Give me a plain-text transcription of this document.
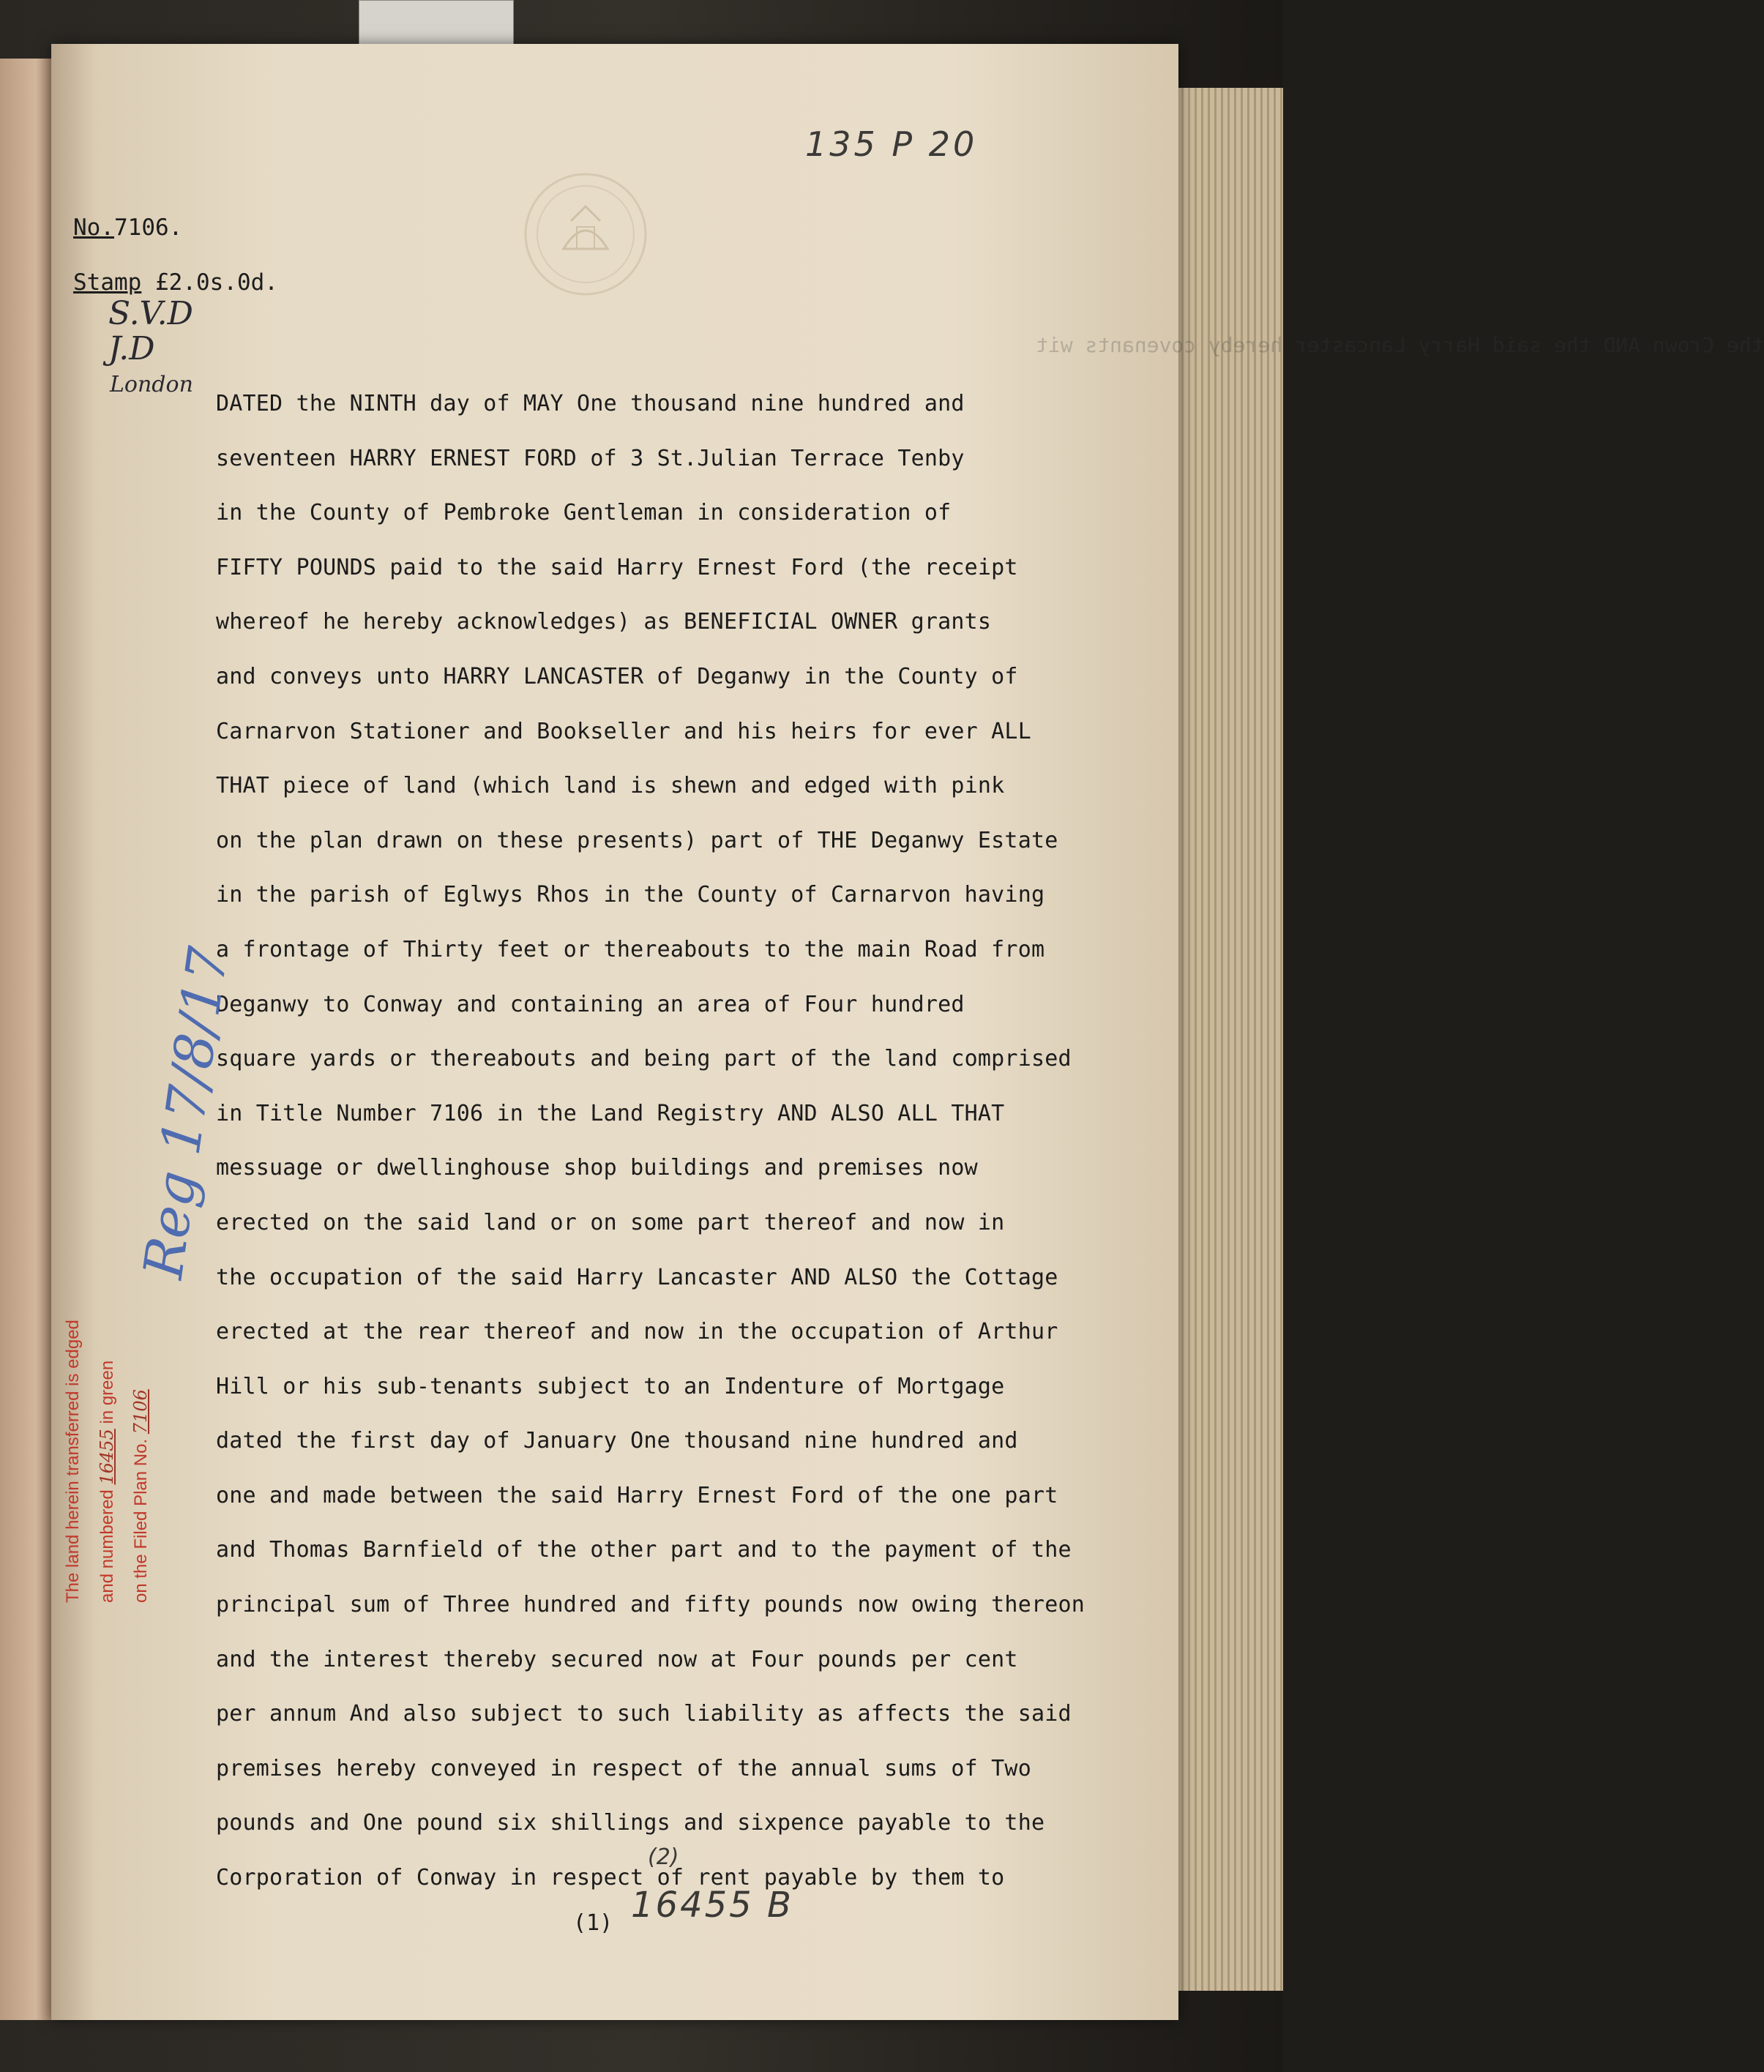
135 P 20
No.7106.
Stamp £2.0s.0d.
S.V.D
J.D
London
the Crown AND the said Harry Lancaster hereby covenants wit
DATED the NINTH day of MAY One thousand nine hundred and
seventeen HARRY ERNEST FORD of 3 St.Julian Terrace Tenby
in the County of Pembroke Gentleman in consideration of
FIFTY POUNDS paid to the said Harry Ernest Ford (the receipt
whereof he hereby acknowledges) as BENEFICIAL OWNER grants
and conveys unto HARRY LANCASTER of Deganwy in the County of
Carnarvon Stationer and Bookseller and his heirs for ever ALL
THAT piece of land (which land is shewn and edged with pink
on the plan drawn on these presents) part of THE Deganwy Estate
in the parish of Eglwys Rhos in the County of Carnarvon having
a frontage of Thirty feet or thereabouts to the main Road from
Deganwy to Conway and containing an area of Four hundred
square yards or thereabouts and being part of the land comprised
in Title Number 7106 in the Land Registry AND ALSO ALL THAT
messuage or dwellinghouse shop buildings and premises now
erected on the said land or on some part thereof and now in
the occupation of the said Harry Lancaster AND ALSO the Cottage
erected at the rear thereof and now in the occupation of Arthur
Hill or his sub-tenants subject to an Indenture of Mortgage
dated the first day of January One thousand nine hundred and
one and made between the said Harry Ernest Ford of the one part
and Thomas Barnfield of the other part and to the payment of the
principal sum of Three hundred and fifty pounds now owing thereon
and the interest thereby secured now at Four pounds per cent
per annum And also subject to such liability as affects the said
premises hereby conveyed in respect of the annual sums of Two
pounds and One pound six shillings and sixpence payable to the
Corporation of Conway in respect of rent payable by them to
Reg 17/8/17
The land herein transferred is edged and numbered 16455 in green
on the Filed Plan No. 7106
(2)
(1) 16455 B
